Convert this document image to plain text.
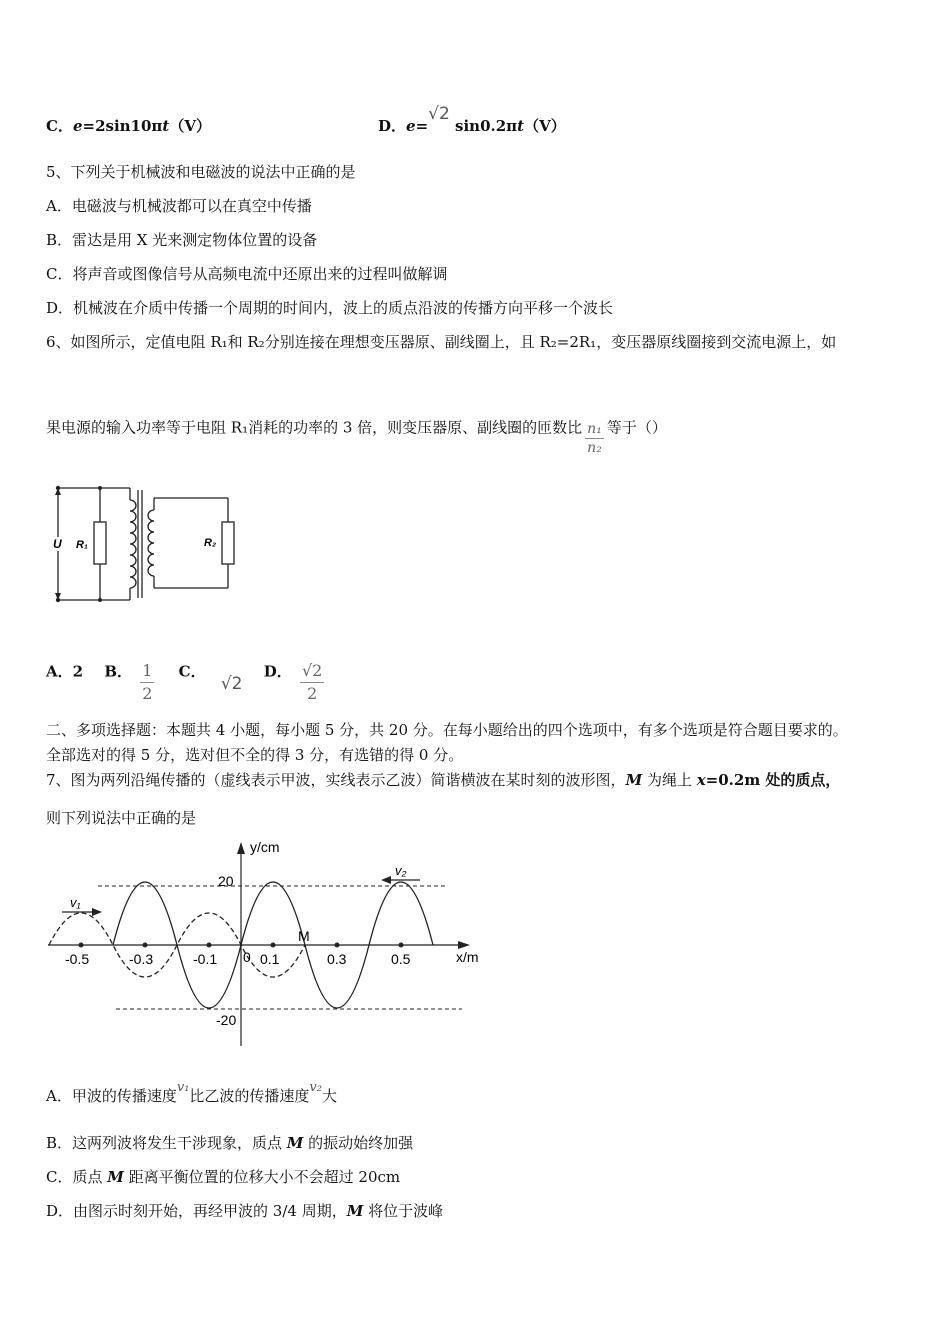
C．e=2sin10πt（V）	D．e=√2 sin0.2πt（V）
5、下列关于机械波和电磁波的说法中正确的是
A．电磁波与机械波都可以在真空中传播
B．雷达是用 X 光来测定物体位置的设备
C．将声音或图像信号从高频电流中还原出来的过程叫做解调
D．机械波在介质中传播一个周期的时间内，波上的质点沿波的传播方向平移一个波长
6、如图所示，定值电阻 R₁和 R₂分别连接在理想变压器原、副线圈上，且 R₂=2R₁，变压器原线圈接到交流电源上，如
果电源的输入功率等于电阻 R₁消耗的功率的 3 倍，则变压器原、副线圈的匝数比 $\frac{\text{n₁}}{\text{n₂}}$ 等于（）
U R₁	R₂
A．2 B． $\frac{1}{2}$ C． √2 D． $\frac{√2}{2}$
二、多项选择题：本题共 4 小题，每小题 5 分，共 20 分。在每小题给出的四个选项中，有多个选项是符合题目要求的。
全部选对的得 5 分，选对但不全的得 3 分，有选错的得 0 分。
7、图为两列沿绳传播的（虚线表示甲波，实线表示乙波）简谐横波在某时刻的波形图，M 为绳上 x=0.2m 处的质点，
则下列说法中正确的是
y/cm
x/m
20
-20
0
M
v₁
v₂
-0.5	-0.3	-0.1	0.1	0.3	0.5
A．甲波的传播速度v₁比乙波的传播速度v₂大
B．这两列波将发生干涉现象，质点 M 的振动始终加强
C．质点 M 距离平衡位置的位移大小不会超过 20cm
D．由图示时刻开始，再经甲波的 3/4 周期，M 将位于波峰
